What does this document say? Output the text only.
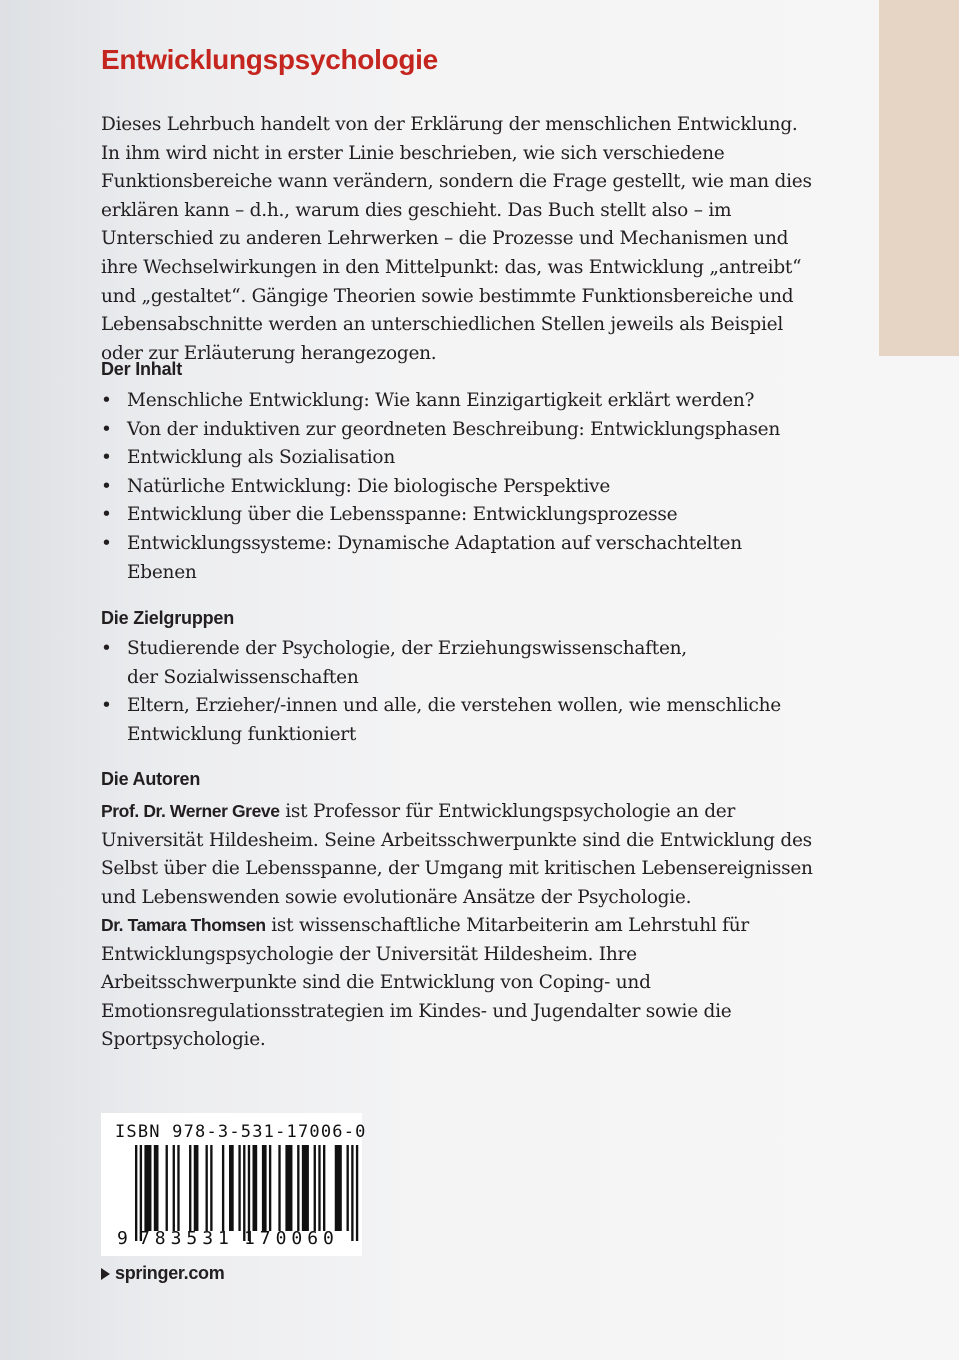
Entwicklungspsychologie

Dieses Lehrbuch handelt von der Erklärung der menschlichen Entwicklung. In ihm wird nicht in erster Linie beschrieben, wie sich verschiedene Funktionsbereiche wann verändern, sondern die Frage gestellt, wie man dies erklären kann – d.h., warum dies geschieht. Das Buch stellt also – im Unterschied zu anderen Lehrwerken – die Prozesse und Mechanismen und ihre Wechselwirkungen in den Mittelpunkt: das, was Entwicklung „antreibt“ und „gestaltet“. Gängige Theorien sowie bestimmte Funktionsbereiche und Lebensabschnitte werden an unterschiedlichen Stellen jeweils als Beispiel oder zur Erläuterung herangezogen.

Der Inhalt
• Menschliche Entwicklung: Wie kann Einzigartigkeit erklärt werden?
• Von der induktiven zur geordneten Beschreibung: Entwicklungsphasen
• Entwicklung als Sozialisation
• Natürliche Entwicklung: Die biologische Perspektive
• Entwicklung über die Lebensspanne: Entwicklungsprozesse
• Entwicklungssysteme: Dynamische Adaptation auf verschachtelten Ebenen
Die Zielgruppen
• Studierende der Psychologie, der Erziehungswissenschaften, der Sozialwissenschaften
• Eltern, Erzieher/-innen und alle, die verstehen wollen, wie menschliche Entwicklung funktioniert
Die Autoren

Prof. Dr. Werner Greve ist Professor für Entwicklungspsychologie an der Universität Hildesheim. Seine Arbeitsschwerpunkte sind die Entwicklung des Selbst über die Lebensspanne, der Umgang mit kritischen Lebensereignissen und Lebenswenden sowie evolutionäre Ansätze der Psychologie.

Dr. Tamara Thomsen ist wissenschaftliche Mitarbeiterin am Lehrstuhl für Entwicklungspsychologie der Universität Hildesheim. Ihre Arbeitsschwerpunkte sind die Entwicklung von Coping- und Emotionsregulationsstrategien im Kindes- und Jugendalter sowie die Sportpsychologie.

ISBN 978-3-531-17006-0
9 7 8 3 5 3 1 1 7 0 0 6 0
springer.com
